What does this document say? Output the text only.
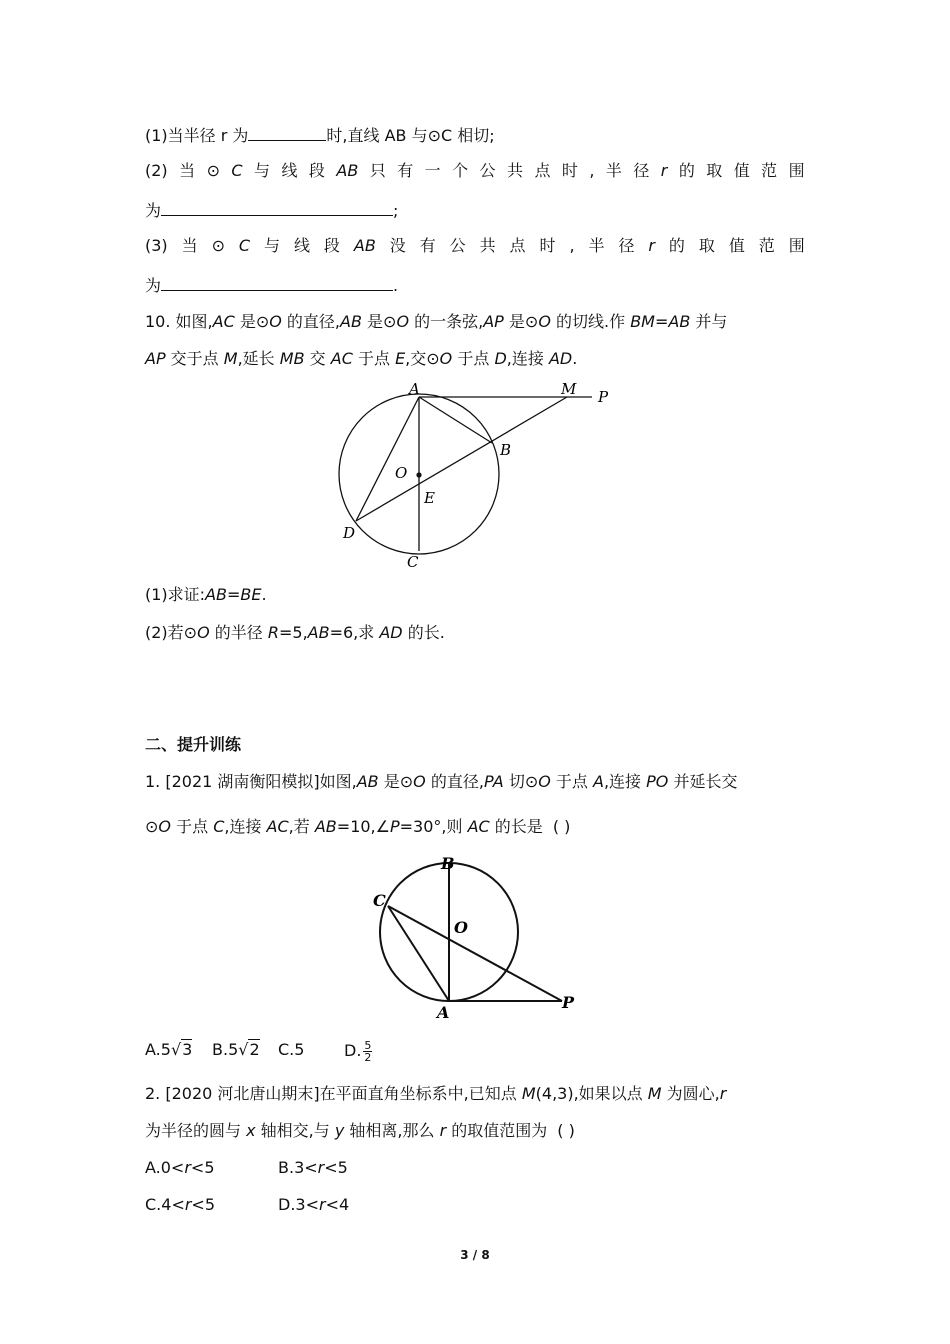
(1)当半径 r 为	时,直线 AB 与⊙C 相切;
(2) 当 ⊙ C 与 线 段 AB 只 有 一 个 公 共 点 时 , 半 径 r 的 取 值 范 围
为	;
(3) 当 ⊙ C 与 线 段 AB 没 有 公 共 点 时 , 半 径 r 的 取 值 范 围
为	.
10. 如图,AC 是⊙O 的直径,AB 是⊙O 的一条弦,AP 是⊙O 的切线.作 BM=AB 并与
AP 交于点 M,延长 MB 交 AC 于点 E,交⊙O 于点 D,连接 AD.
A	M P
B
O
E
D
C
(1)求证:AB=BE.
(2)若⊙O 的半径 R=5,AB=6,求 AD 的长.
二、提升训练
1. [2021 湖南衡阳模拟]如图,AB 是⊙O 的直径,PA 切⊙O 于点 A,连接 PO 并延长交
⊙O 于点 C,连接 AC,若 AB=10,∠P=30°,则 AC 的长是 ( )
B
C
O
A
P
A.5√3 B.5√2 C.5 D. $\frac{5}{2}$
2. [2020 河北唐山期末]在平面直角坐标系中,已知点 M(4,3),如果以点 M 为圆心,r
为半径的圆与 x 轴相交,与 y 轴相离,那么 r 的取值范围为 ( )
A.0<r<5	B.3<r<5
C.4<r<5	D.3<r<4
3 / 8
